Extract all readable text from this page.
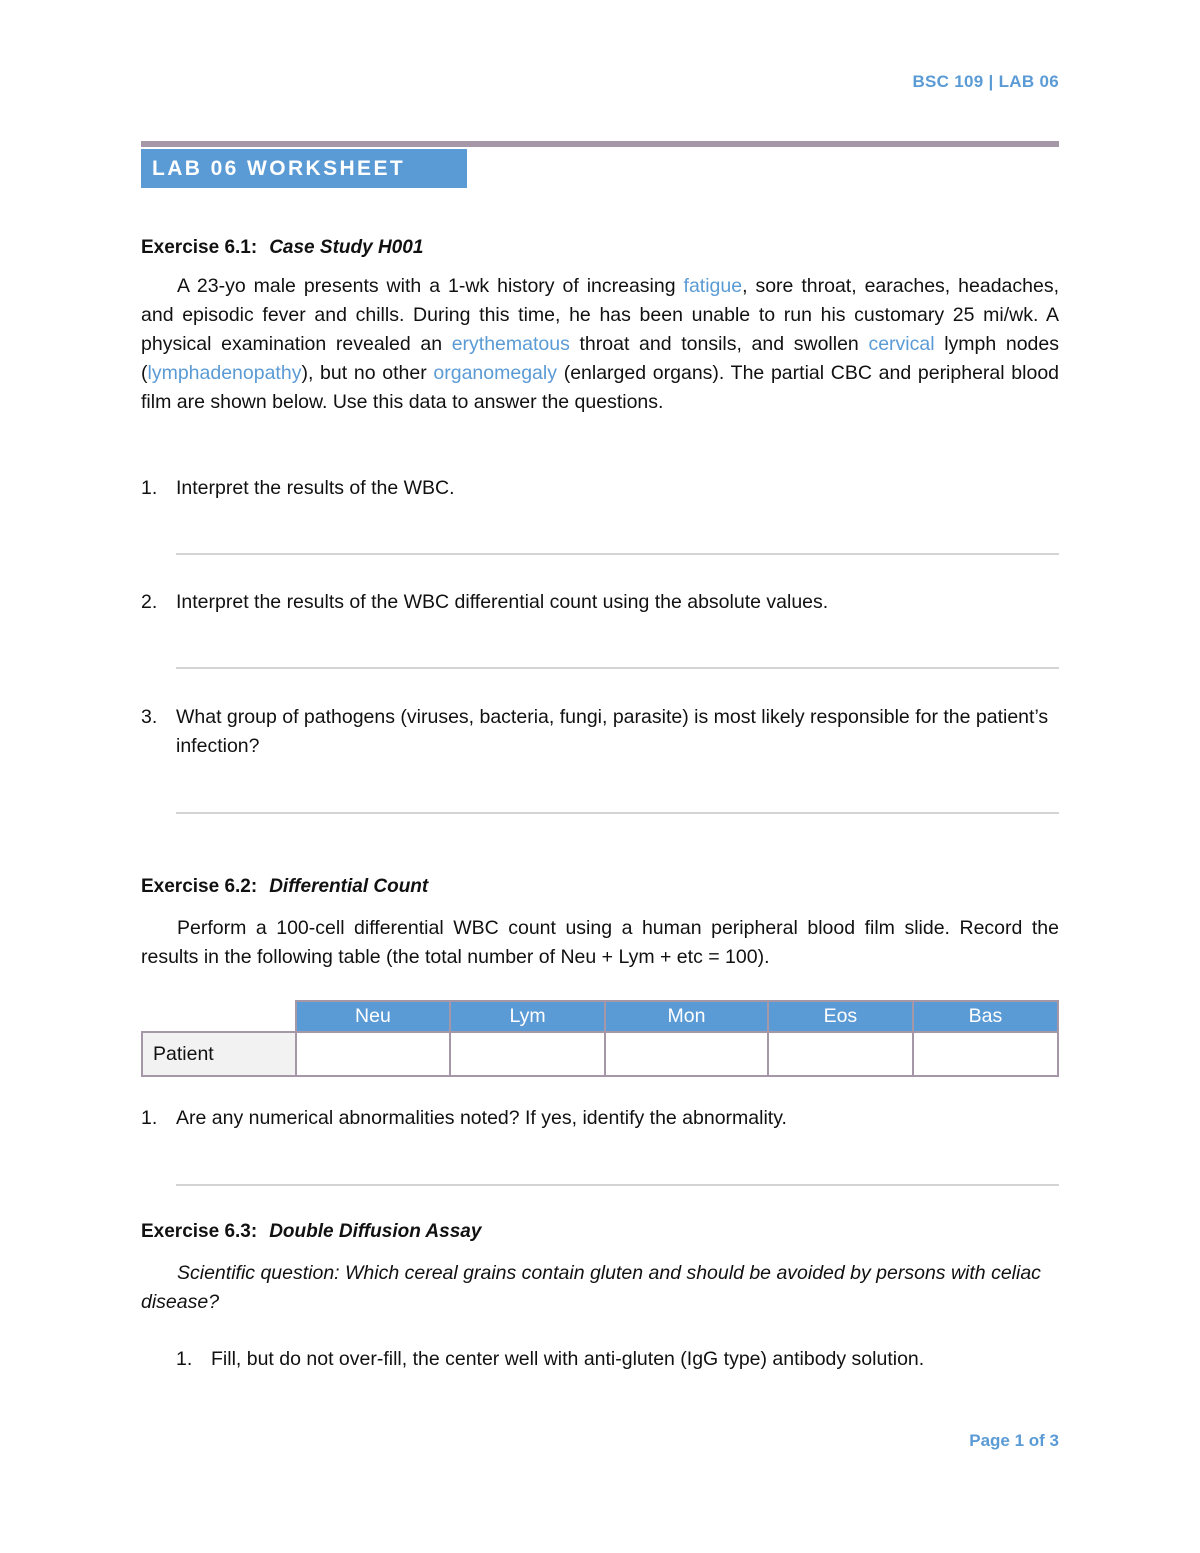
BSC 109 | LAB 06
LAB 06 WORKSHEET
Exercise 6.1: Case Study H001

A 23-yo male presents with a 1-wk history of increasing fatigue, sore throat, earaches, headaches, and episodic fever and chills. During this time, he has been unable to run his customary 25 mi/wk. A physical examination revealed an erythematous throat and tonsils, and swollen cervical lymph nodes (lymphadenopathy), but no other organomegaly (enlarged organs). The partial CBC and peripheral blood film are shown below. Use this data to answer the questions.

1. Interpret the results of the WBC.
2. Interpret the results of the WBC differential count using the absolute values.
3. What group of pathogens (viruses, bacteria, fungi, parasite) is most likely responsible for the patient’s infection?
Exercise 6.2: Differential Count

Perform a 100-cell differential WBC count using a human peripheral blood film slide. Record the results in the following table (the total number of Neu + Lym + etc = 100).

	Neu	Lym	Mon	Eos	Bas
Patient					
1. Are any numerical abnormalities noted? If yes, identify the abnormality.
Exercise 6.3: Double Diffusion Assay

Scientific question: Which cereal grains contain gluten and should be avoided by persons with celiac disease?

1. Fill, but do not over-fill, the center well with anti-gluten (IgG type) antibody solution.
Page 1 of 3
